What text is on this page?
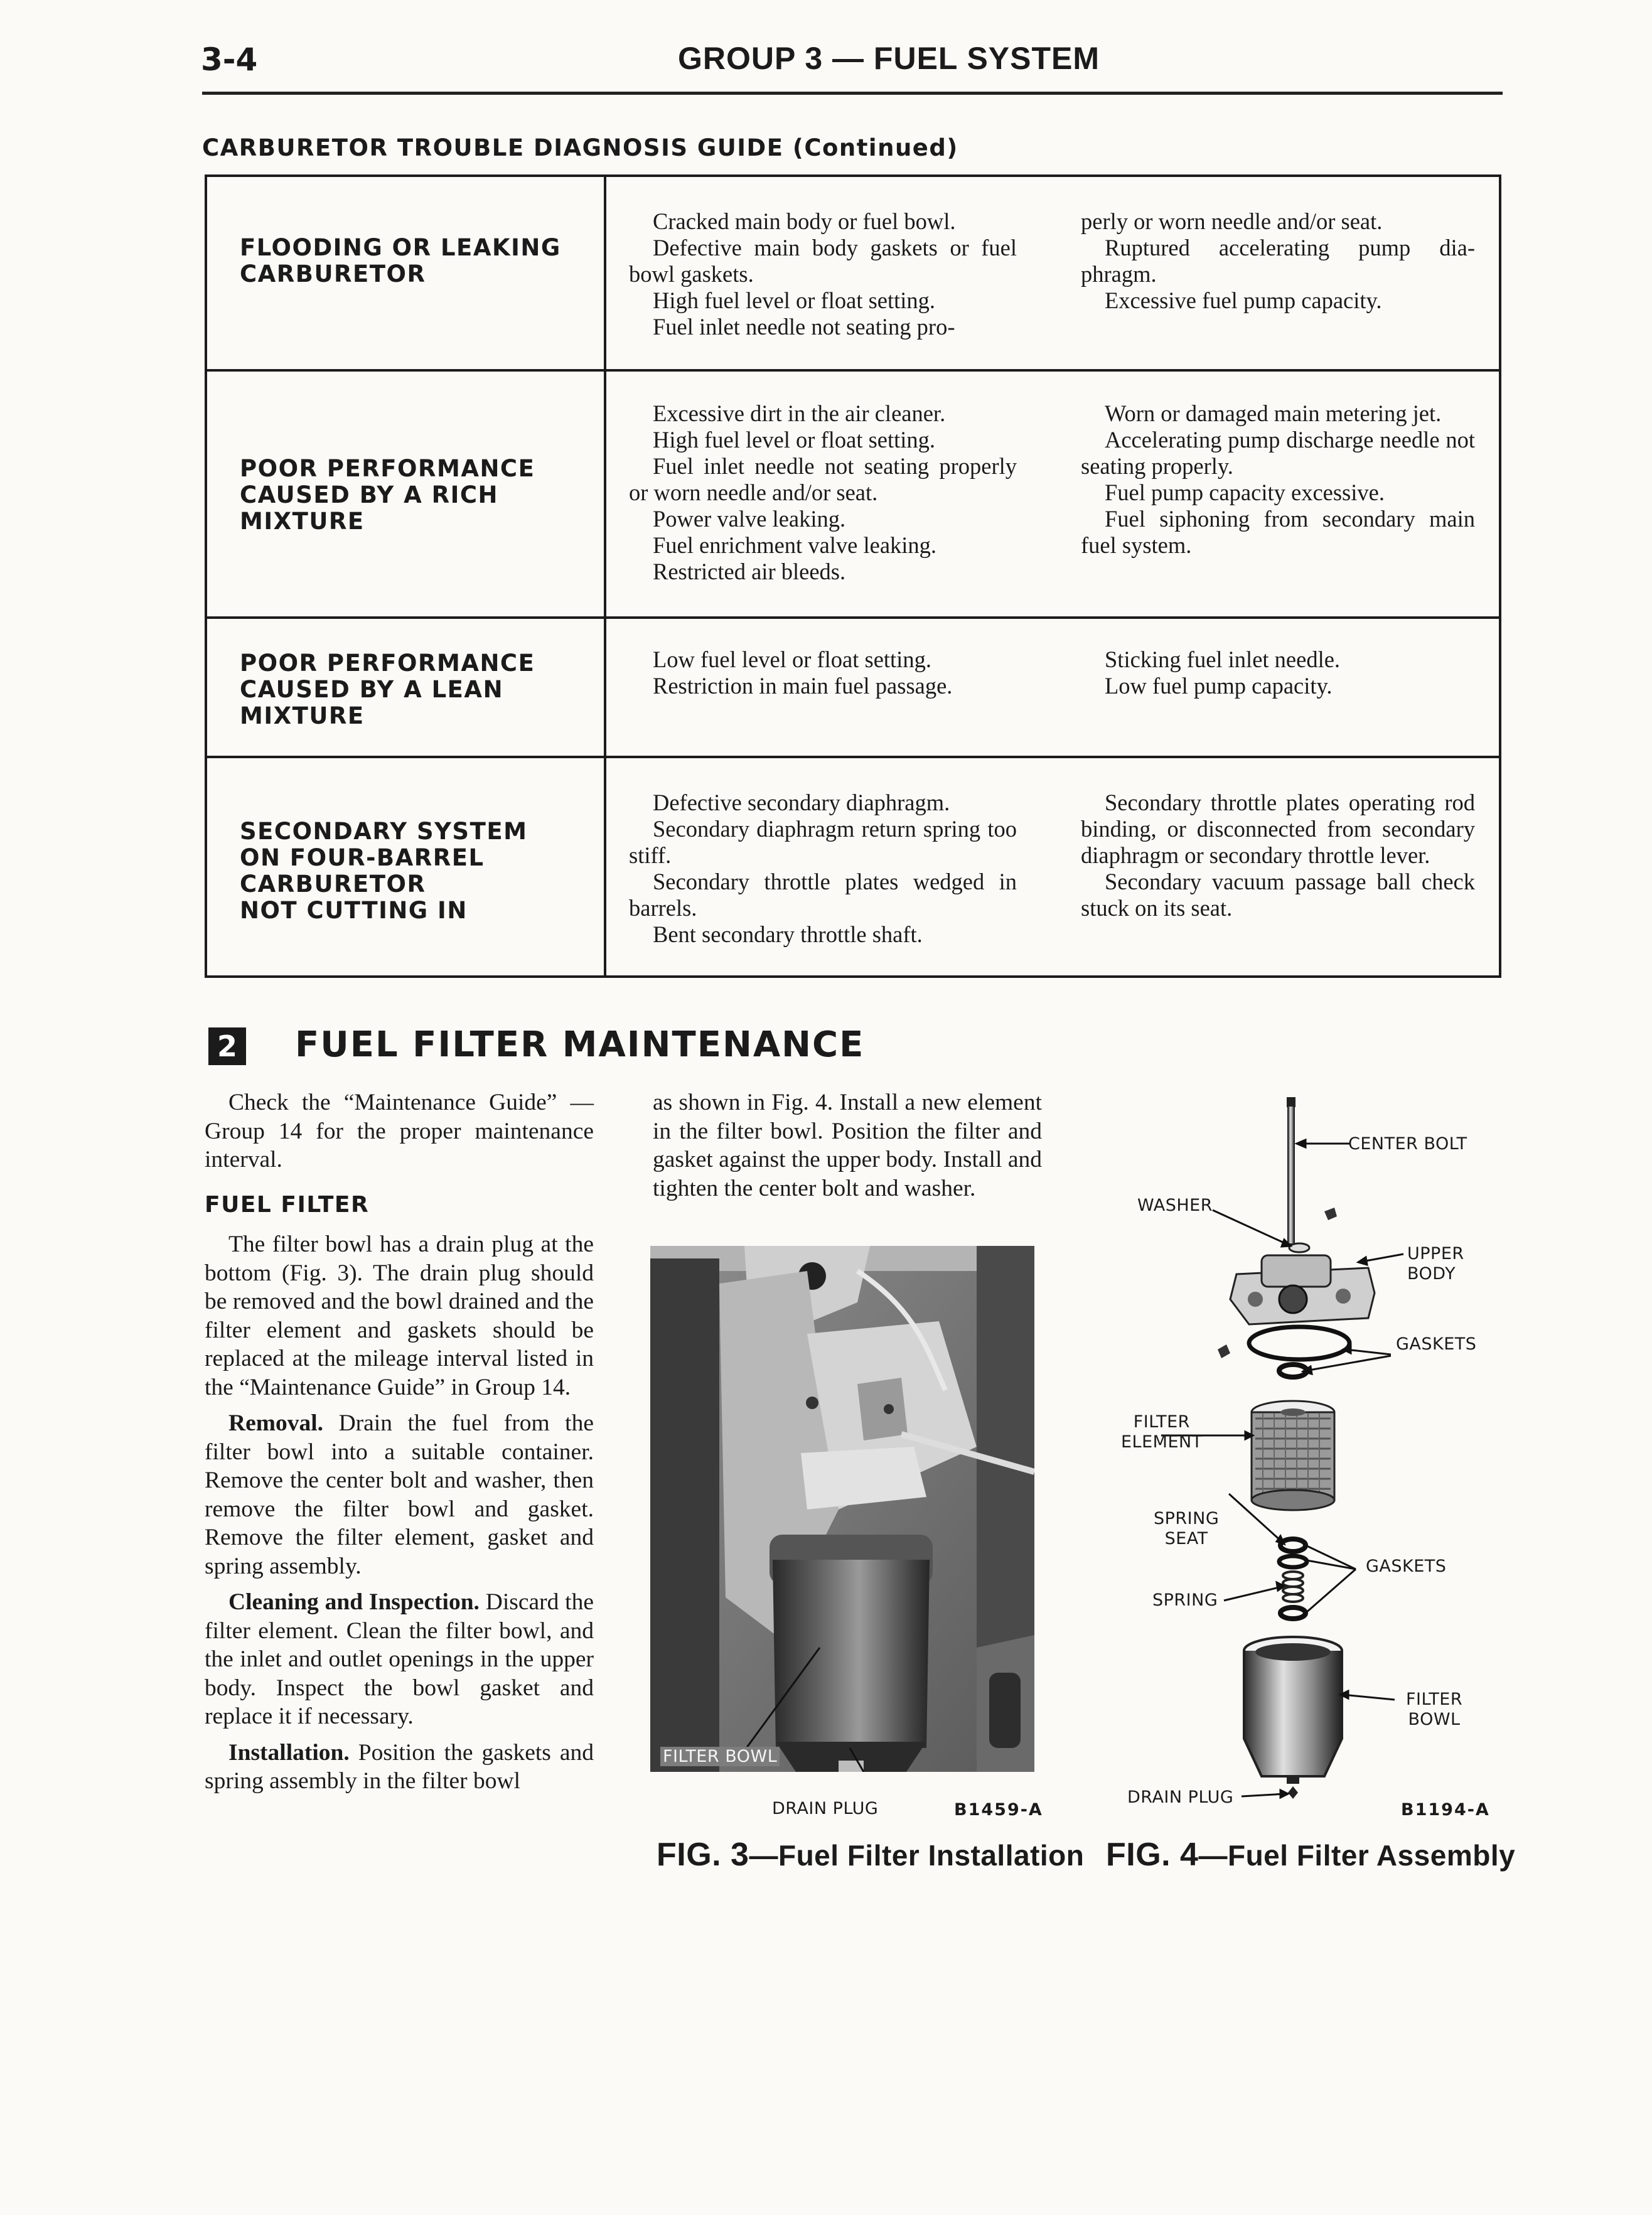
3-4	GROUP 3 — FUEL SYSTEM
CARBURETOR TROUBLE DIAGNOSIS GUIDE (Continued)
FLOODING OR LEAKING
CARBURETOR

Cracked main body or fuel bowl.

Defective main body gaskets or fuel bowl gaskets.

High fuel level or float setting.

Fuel inlet needle not seating pro-

perly or worn needle and/or seat.

Ruptured accelerating pump dia-phragm.

Excessive fuel pump capacity.

POOR PERFORMANCE
CAUSED BY A RICH
MIXTURE

Excessive dirt in the air cleaner.

High fuel level or float setting.

Fuel inlet needle not seating properly or worn needle and/or seat.

Power valve leaking.

Fuel enrichment valve leaking.

Restricted air bleeds.

Worn or damaged main metering jet.

Accelerating pump discharge needle not seating properly.

Fuel pump capacity excessive.

Fuel siphoning from secondary main fuel system.

POOR PERFORMANCE
CAUSED BY A LEAN
MIXTURE

Low fuel level or float setting.

Restriction in main fuel passage.

Sticking fuel inlet needle.

Low fuel pump capacity.

SECONDARY SYSTEM
ON FOUR-BARREL
CARBURETOR
NOT CUTTING IN

Defective secondary diaphragm.

Secondary diaphragm return spring too stiff.

Secondary throttle plates wedged in barrels.

Bent secondary throttle shaft.

Secondary throttle plates operating rod binding, or disconnected from secondary diaphragm or secondary throttle lever.

Secondary vacuum passage ball check stuck on its seat.

2 FUEL FILTER MAINTENANCE

Check the “Maintenance Guide” —Group 14 for the proper maintenance interval.

FUEL FILTER

The filter bowl has a drain plug at the bottom (Fig. 3). The drain plug should be removed and the bowl drained and the filter element and gaskets should be replaced at the mileage interval listed in the “Maintenance Guide” in Group 14.

Removal. Drain the fuel from the filter bowl into a suitable container. Remove the center bolt and washer, then remove the filter bowl and gasket. Remove the filter element, gasket and spring assembly.

Cleaning and Inspection. Discard the filter element. Clean the filter bowl, and the inlet and outlet openings in the upper body. Inspect the bowl gasket and replace it if necessary.

Installation. Position the gaskets and spring assembly in the filter bowl

as shown in Fig. 4. Install a new element in the filter bowl. Position the filter and gasket against the upper body. Install and tighten the center bolt and washer.

FILTER BOWL
DRAIN PLUG	B1459-A
FIG. 3—Fuel Filter Installation
CENTER BOLT
WASHER
UPPER
BODY
GASKETS
FILTER
ELEMENT
SPRING
SEAT
GASKETS
SPRING
FILTER
BOWL
DRAIN PLUG
B1194-A
FIG. 4—Fuel Filter Assembly
